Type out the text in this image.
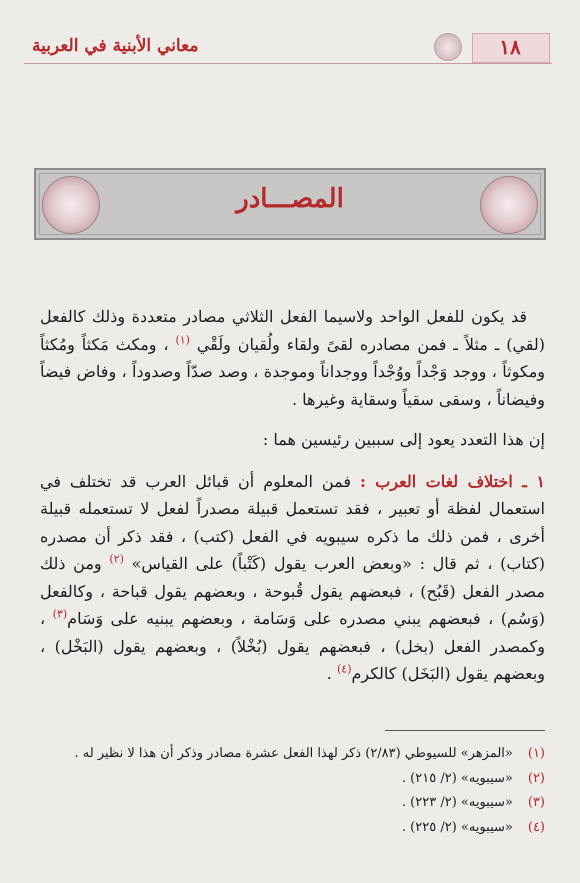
معاني الأبنية في العربية	١٨
المصـــادر

قد يكون للفعل الواحد ولاسيما الفعل الثلاثي مصادر متعددة وذلك كالفعل (لقي) ـ مثلاً ـ فمن مصادره لقىً ولقاء ولُقيان ولَقْي $^{(١)}$ ، ومكث مَكثاً ومُكثاً ومكوثاً ، ووجد وَجْداً ووُجْداً ووجداناً وموجدة ، وصد صدّاً وصدوداً ، وفاض فيضاً وفيضاناً ، وسقى سقياً وسقاية وغيرها .

إن هذا التعدد يعود إلى سببين رئيسين هما :

١ ـ اختلاف لغات العرب : فمن المعلوم أن قبائل العرب قد تختلف في استعمال لفظة أو تعبير ، فقد تستعمل قبيلة مصدراً لفعل لا تستعمله قبيلة أخرى ، فمن ذلك ما ذكره سيبويه في الفعل (كتب) ، فقد ذكر أن مصدره (كتاب) ، ثم قال : «وبعض العرب يقول (كَتْباً) على القياس» $^{(٢)}$ ومن ذلك مصدر الفعل (قَبُح) ، فبعضهم يقول قُبوحة ، وبعضهم يقول قباحة ، وكالفعل (وَسُم) ، فبعضهم يبني مصدره على وَسَامة ، وبعضهم يبنيه على وَسَام$^{(٣)}$ ، وكمصدر الفعل (بخل) ، فبعضهم يقول (بُخْلاً) ، وبعضهم يقول (البَخْل) ، وبعضهم يقول (البَخَل) كالكرم$^{(٤)}$ .

(١) «المزهر» للسيوطي (٢/٨٣) ذكر لهذا الفعل عشرة مصادر وذكر أن هذا لا نظير له .
(٢) «سيبويه» (٢/ ٢١٥) .
(٣) «سيبويه» (٢/ ٢٢٣) .
(٤) «سيبويه» (٢/ ٢٢٥) .
